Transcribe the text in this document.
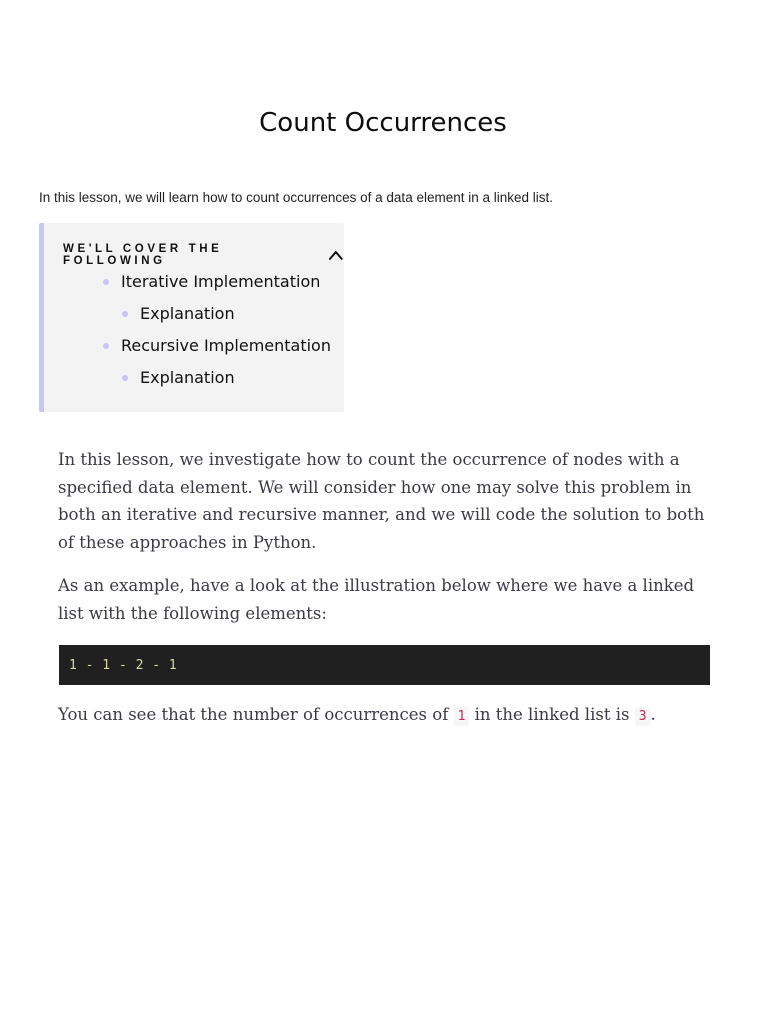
Count Occurrences

In this lesson, we will learn how to count occurrences of a data element in a linked list.

WE'LL COVER THE FOLLOWING
Iterative Implementation
Explanation
Recursive Implementation
Explanation

In this lesson, we investigate how to count the occurrence of nodes with a specified data element. We will consider how one may solve this problem in both an iterative and recursive manner, and we will code the solution to both of these approaches in Python.

As an example, have a look at the illustration below where we have a linked list with the following elements:

1 - 1 - 2 - 1

You can see that the number of occurrences of 1 in the linked list is 3 .
